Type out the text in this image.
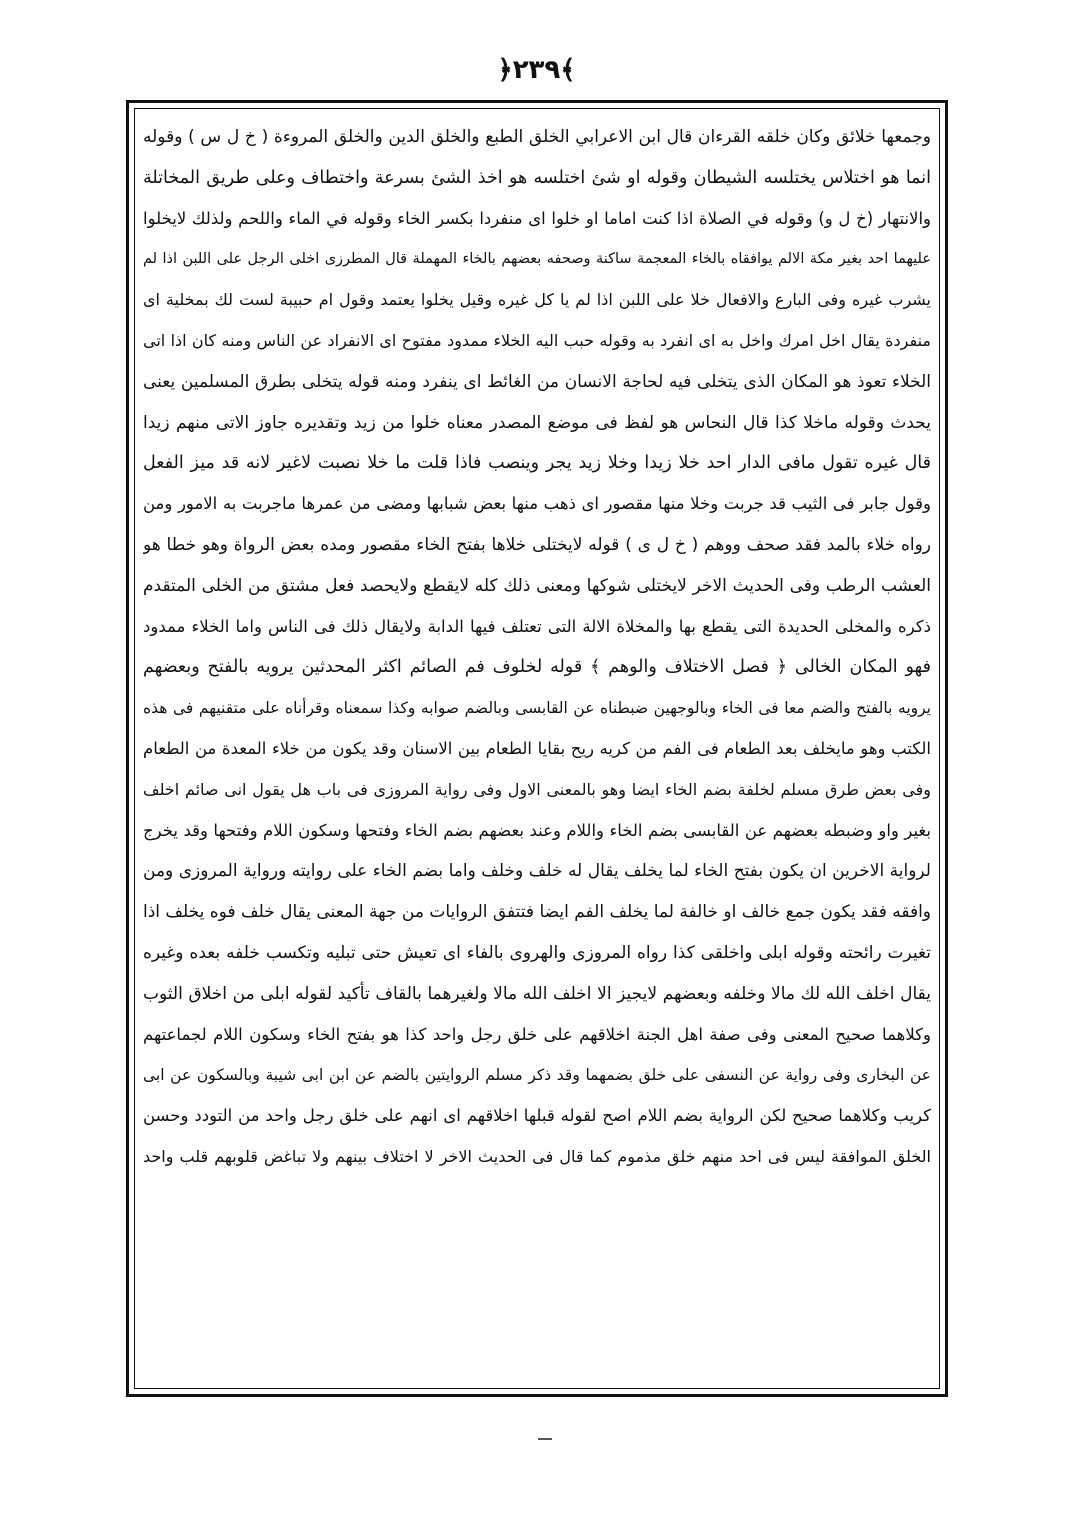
﴿٢٣٩﴾
وجمعها خلائق وكان خلقه القرءان قال ابن الاعرابي الخلق الطبع والخلق الدين والخلق المروءة ( خ ل س ) وقوله
انما هو اختلاس يختلسه الشيطان وقوله او شئ اختلسه هو اخذ الشئ بسرعة واختطاف وعلى طريق المخاتلة
والانتهار (خ ل و) وقوله في الصلاة اذا كنت اماما او خلوا اى منفردا بكسر الخاء وقوله في الماء واللحم ولذلك لايخلوا
عليهما احد بغير مكة الالم يوافقاه بالخاء المعجمة ساكنة وصحفه بعضهم بالخاء المهملة قال المطرزى اخلى الرجل على اللبن اذا لم
يشرب غيره وفى البارع والافعال خلا على اللبن اذا لم يا كل غيره وقيل يخلوا يعتمد وقول ام حبيبة لست لك بمخلية اى
منفردة يقال اخل امرك واخل به اى انفرد به وقوله حبب اليه الخلاء ممدود مفتوح اى الانفراد عن الناس ومنه كان اذا اتى
الخلاء تعوذ هو المكان الذى يتخلى فيه لحاجة الانسان من الغائط اى ينفرد ومنه قوله يتخلى بطرق المسلمين يعنى
يحدث وقوله ماخلا كذا قال النحاس هو لفظ فى موضع المصدر معناه خلوا من زيد وتقديره جاوز الاتى منهم زيدا
قال غيره تقول مافى الدار احد خلا زيدا وخلا زيد يجر وينصب فاذا قلت ما خلا نصبت لاغير لانه قد ميز الفعل
وقول جابر فى الثيب قد جربت وخلا منها مقصور اى ذهب منها بعض شبابها ومضى من عمرها ماجربت به الامور ومن
رواه خلاء بالمد فقد صحف ووهم ( خ ل ى ) قوله لايختلى خلاها بفتح الخاء مقصور ومده بعض الرواة وهو خطا هو
العشب الرطب وفى الحديث الاخر لايختلى شوكها ومعنى ذلك كله لايقطع ولايحصد فعل مشتق من الخلى المتقدم
ذكره والمخلى الحديدة التى يقطع بها والمخلاة الالة التى تعتلف فيها الدابة ولايقال ذلك فى الناس واما الخلاء ممدود
فهو المكان الخالى ﴿ فصل الاختلاف والوهم ﴾ قوله لخلوف فم الصائم اكثر المحدثين يرويه بالفتح وبعضهم
يرويه بالفتح والضم معا فى الخاء وبالوجهين ضبطناه عن القابسى وبالضم صوابه وكذا سمعناه وقرأناه على متقنيهم فى هذه
الكتب وهو مايخلف بعد الطعام فى الفم من كريه ريح بقايا الطعام بين الاسنان وقد يكون من خلاء المعدة من الطعام
وفى بعض طرق مسلم لخلفة بضم الخاء ايضا وهو بالمعنى الاول وفى رواية المروزى فى باب هل يقول انى صائم اخلف
بغير واو وضبطه بعضهم عن القابسى بضم الخاء واللام وعند بعضهم بضم الخاء وفتحها وسكون اللام وفتحها وقد يخرج
لرواية الاخرين ان يكون بفتح الخاء لما يخلف يقال له خلف وخلف واما بضم الخاء على روايته ورواية المروزى ومن
وافقه فقد يكون جمع خالف او خالفة لما يخلف الفم ايضا فتتفق الروايات من جهة المعنى يقال خلف فوه يخلف اذا
تغيرت رائحته وقوله ابلى واخلقى كذا رواه المروزى والهروى بالفاء اى تعيش حتى تبليه وتكسب خلفه بعده وغيره
يقال اخلف الله لك مالا وخلفه وبعضهم لايجيز الا اخلف الله مالا ولغيرهما بالقاف تأكيد لقوله ابلى من اخلاق الثوب
وكلاهما صحيح المعنى وفى صفة اهل الجنة اخلاقهم على خلق رجل واحد كذا هو بفتح الخاء وسكون اللام لجماعتهم
عن البخارى وفى رواية عن النسفى على خلق بضمهما وقد ذكر مسلم الروايتين بالضم عن ابن ابى شيبة وبالسكون عن ابى
كريب وكلاهما صحيح لكن الرواية بضم اللام اصح لقوله قبلها اخلاقهم اى انهم على خلق رجل واحد من التودد وحسن
الخلق الموافقة ليس فى احد منهم خلق مذموم كما قال فى الحديث الاخر لا اختلاف بينهم ولا تباغض قلوبهم قلب واحد
